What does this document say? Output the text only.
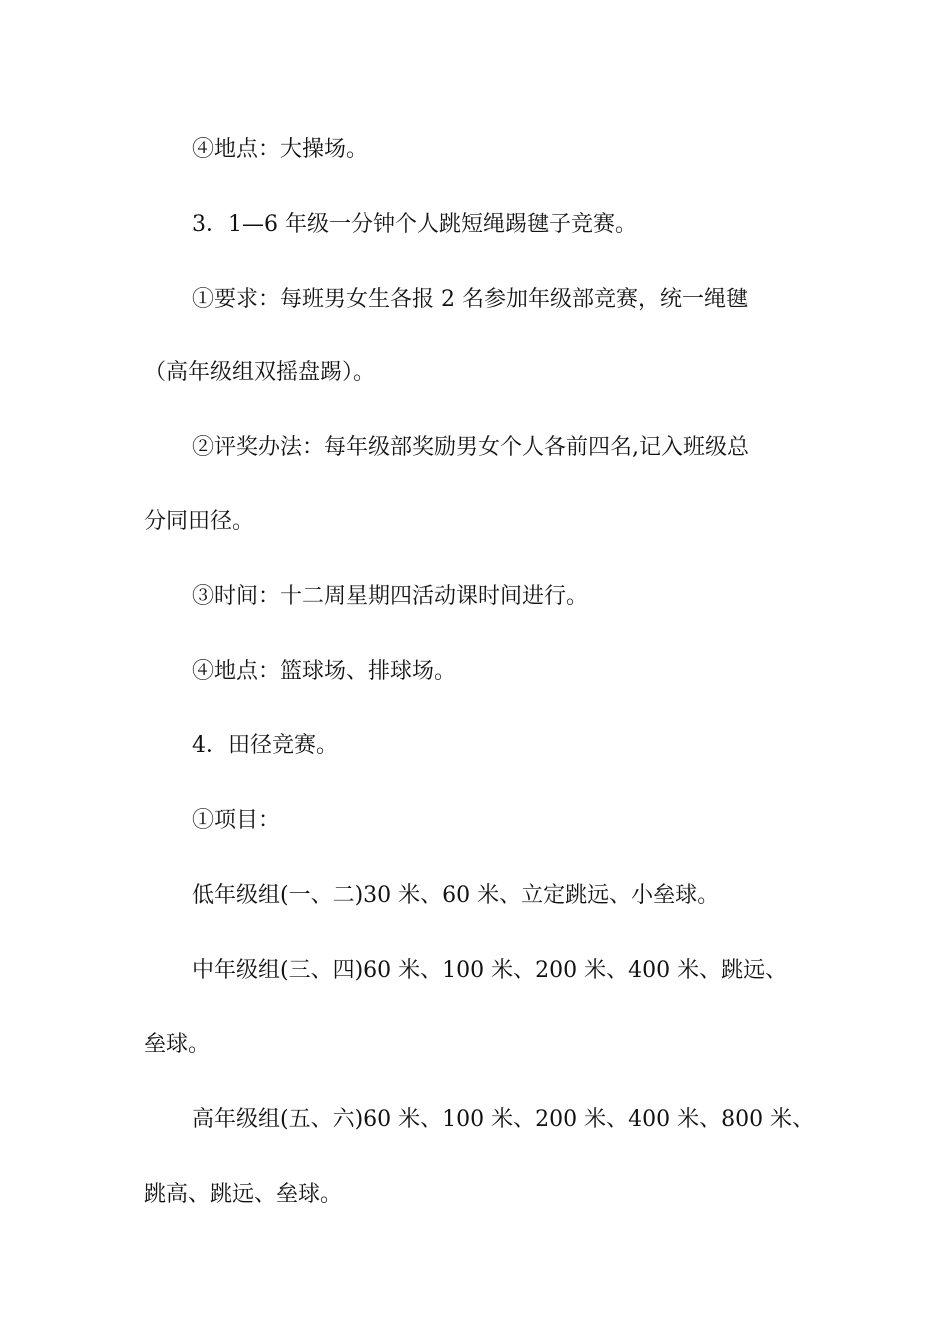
④地点：大操场。
3．1—6 年级一分钟个人跳短绳踢毽子竞赛。
①要求：每班男女生各报 2 名参加年级部竞赛，统一绳毽
（高年级组双摇盘踢）。
②评奖办法：每年级部奖励男女个人各前四名,记入班级总
分同田径。
③时间：十二周星期四活动课时间进行。
④地点：篮球场、排球场。
4．田径竞赛。
①项目：
低年级组(一、二)30 米、60 米、立定跳远、小垒球。
中年级组(三、四)60 米、100 米、200 米、400 米、跳远、
垒球。
高年级组(五、六)60 米、100 米、200 米、400 米、800 米、
跳高、跳远、垒球。
